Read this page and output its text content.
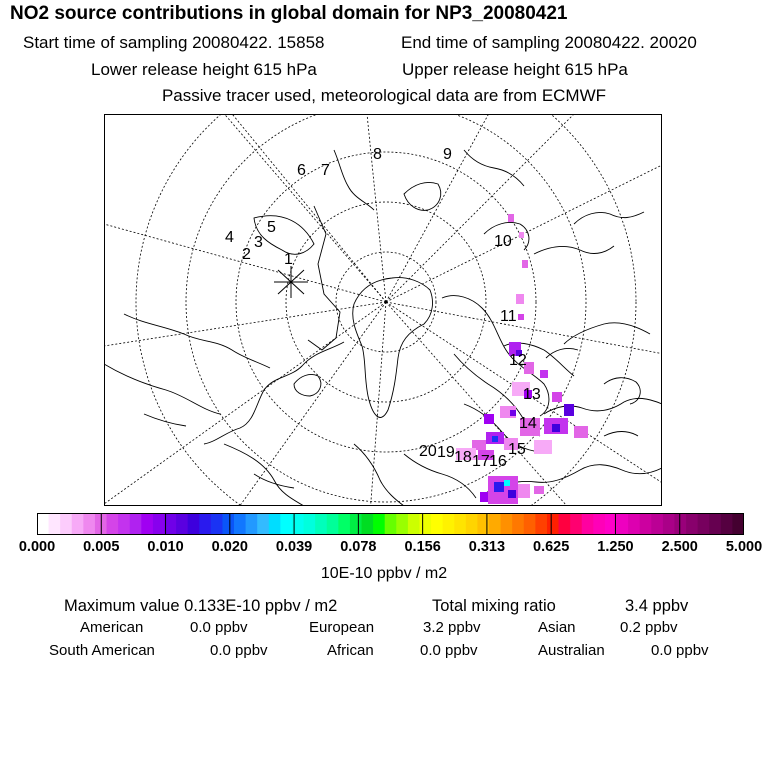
NO2 source contributions in global domain for NP3_20080421
Start time of sampling 20080422. 15858	End time of sampling 20080422. 20020
Lower release height 615 hPa	Upper release height 615 hPa
Passive tracer used, meteorological data are from ECMWF
1
2
3
4
5
6 7
8	9
10
11
12
13
14
15
16
17
18
19
20
0.000 0.005 0.010 0.020 0.039 0.078 0.156 0.313 0.625 1.250 2.500 5.000
10E-10 ppbv / m2
Maximum value 0.133E-10 ppbv / m2	Total mixing ratio	3.4 ppbv
American	0.0 ppbv	European	3.2 ppbv	Asian	0.2 ppbv
South American	0.0 ppbv	African	0.0 ppbv	Australian	0.0 ppbv
